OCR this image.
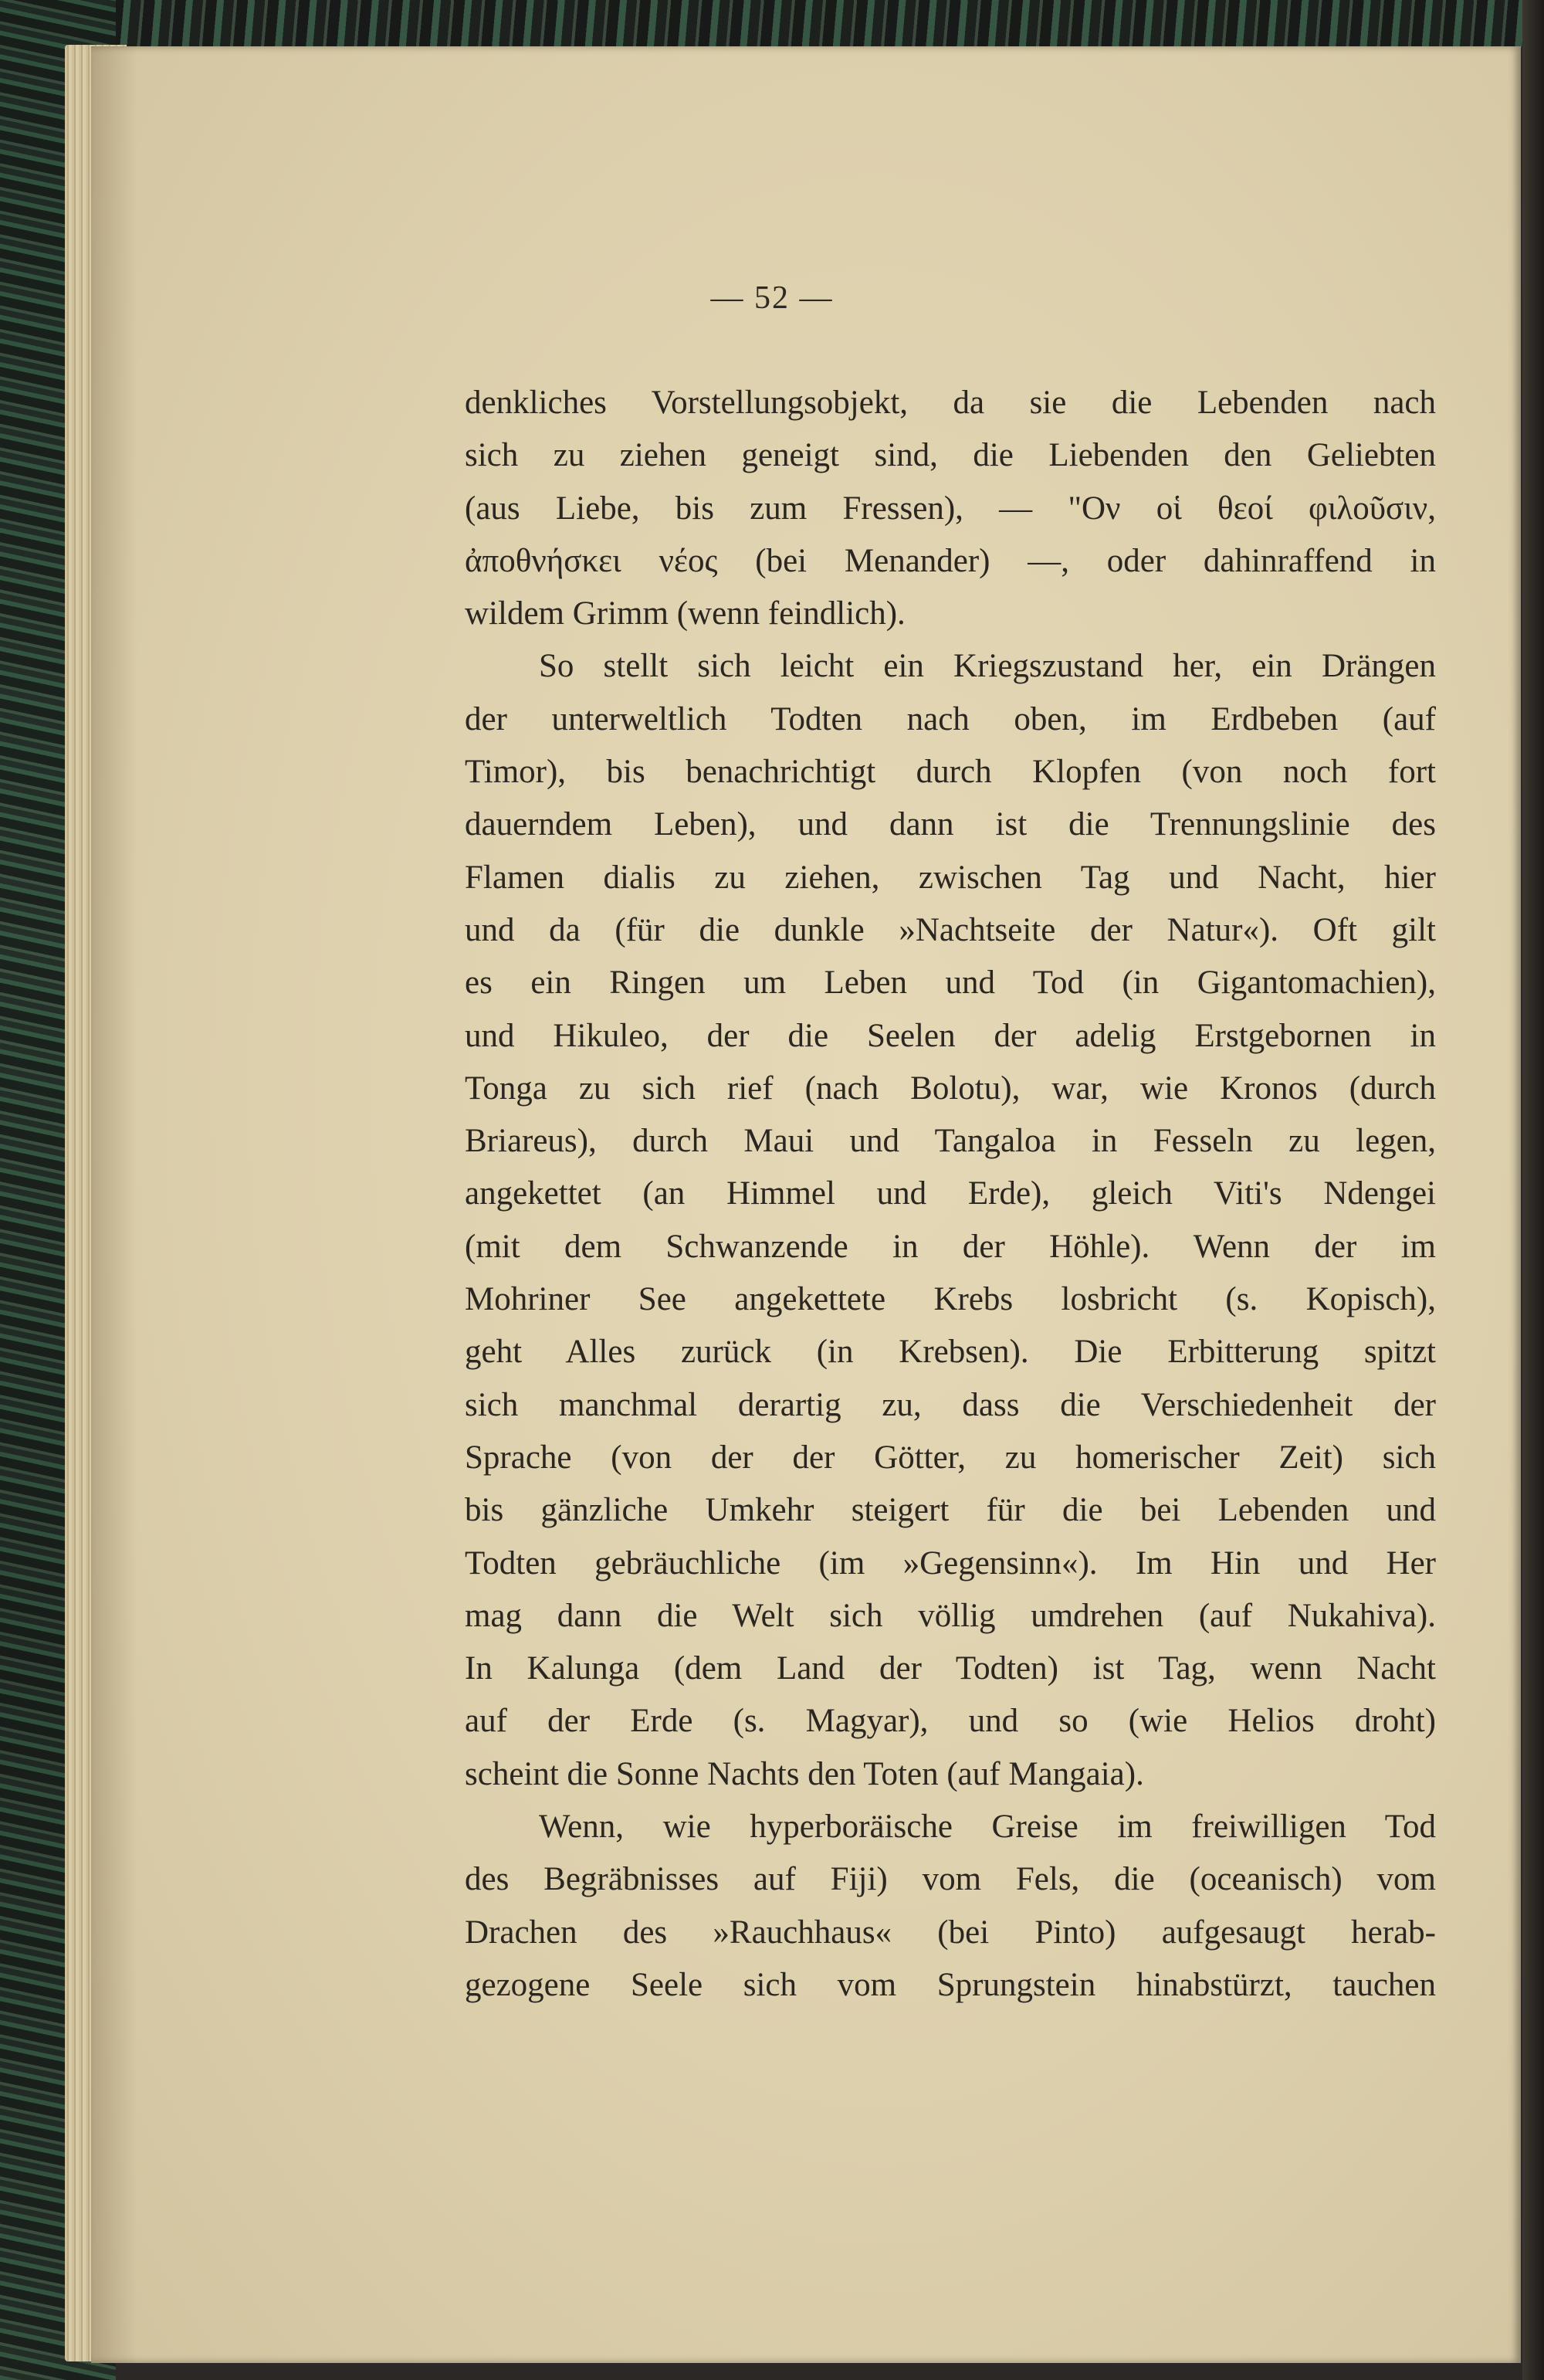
— 52 —
denkliches Vorstellungsobjekt, da sie die Lebenden nach
sich zu ziehen geneigt sind, die Liebenden den Geliebten
(aus Liebe, bis zum Fressen), — "Ον οἱ θεοί φιλοῦσιν,
ἀποθνήσκει νέος (bei Menander) —, oder dahinraffend in
wildem Grimm (wenn feindlich).
So stellt sich leicht ein Kriegszustand her, ein Drängen
der unterweltlich Todten nach oben, im Erdbeben (auf
Timor), bis benachrichtigt durch Klopfen (von noch fort
dauerndem Leben), und dann ist die Trennungslinie des
Flamen dialis zu ziehen, zwischen Tag und Nacht, hier
und da (für die dunkle »Nachtseite der Natur«). Oft gilt
es ein Ringen um Leben und Tod (in Gigantomachien),
und Hikuleo, der die Seelen der adelig Erstgebornen in
Tonga zu sich rief (nach Bolotu), war, wie Kronos (durch
Briareus), durch Maui und Tangaloa in Fesseln zu legen,
angekettet (an Himmel und Erde), gleich Viti's Ndengei
(mit dem Schwanzende in der Höhle). Wenn der im
Mohriner See angekettete Krebs losbricht (s. Kopisch),
geht Alles zurück (in Krebsen). Die Erbitterung spitzt
sich manchmal derartig zu, dass die Verschiedenheit der
Sprache (von der der Götter, zu homerischer Zeit) sich
bis gänzliche Umkehr steigert für die bei Lebenden und
Todten gebräuchliche (im »Gegensinn«). Im Hin und Her
mag dann die Welt sich völlig umdrehen (auf Nukahiva).
In Kalunga (dem Land der Todten) ist Tag, wenn Nacht
auf der Erde (s. Magyar), und so (wie Helios droht)
scheint die Sonne Nachts den Toten (auf Mangaia).
Wenn, wie hyperboräische Greise im freiwilligen Tod
des Begräbnisses auf Fiji) vom Fels, die (oceanisch) vom
Drachen des »Rauchhaus« (bei Pinto) aufgesaugt herab-
gezogene Seele sich vom Sprungstein hinabstürzt, tauchen
